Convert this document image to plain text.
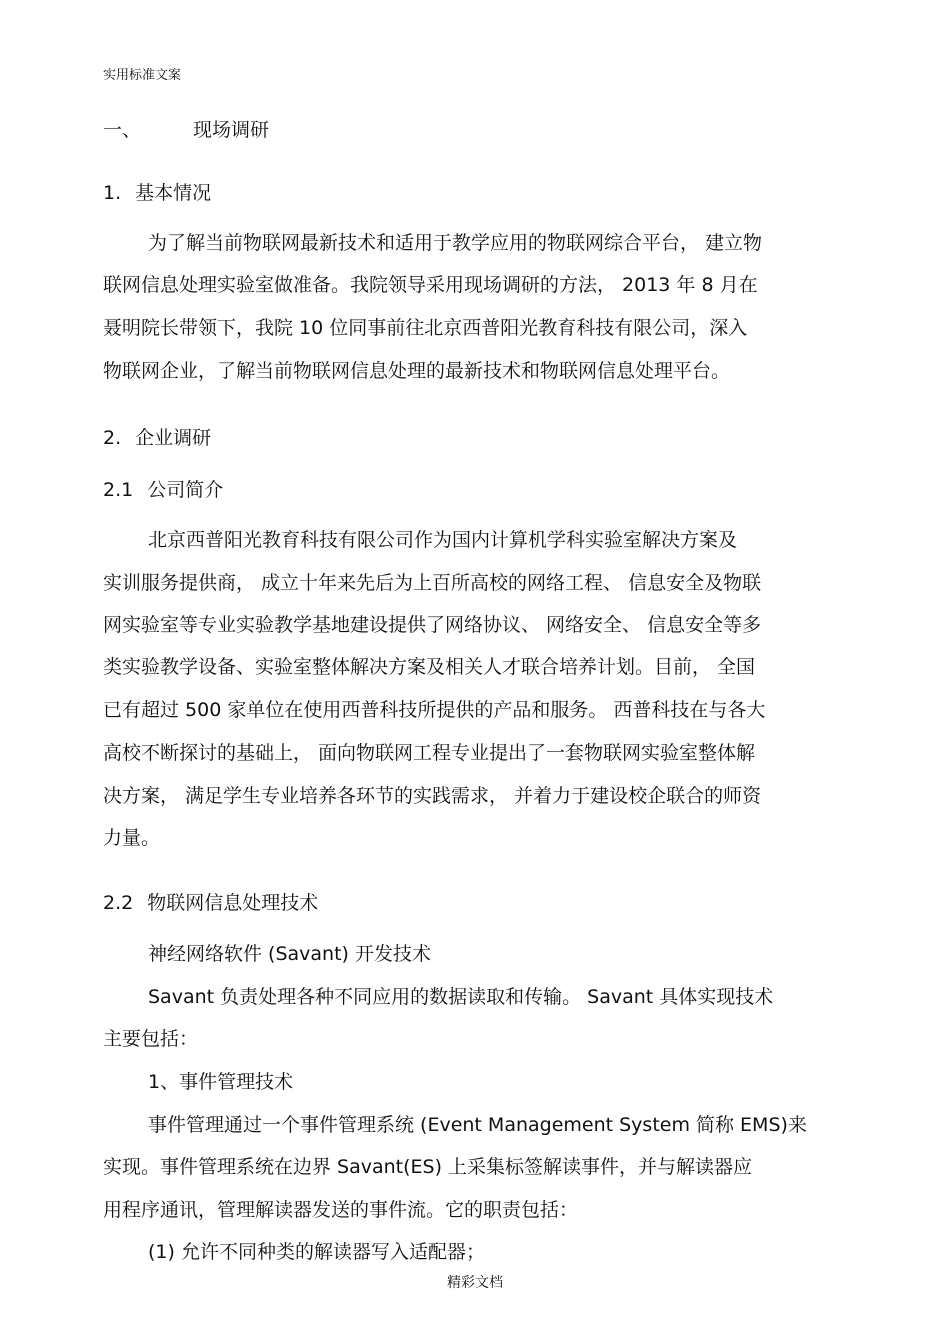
实用标准文案
一、	现场调研
1. 基本情况
为了解当前物联网最新技术和适用于教学应用的物联网综合平台， 建立物
联网信息处理实验室做准备。我院领导采用现场调研的方法， 2013 年 8 月在
聂明院长带领下，我院 10 位同事前往北京西普阳光教育科技有限公司，深入
物联网企业，了解当前物联网信息处理的最新技术和物联网信息处理平台。
2. 企业调研
2.1 公司简介
北京西普阳光教育科技有限公司作为国内计算机学科实验室解决方案及
实训服务提供商， 成立十年来先后为上百所高校的网络工程、 信息安全及物联
网实验室等专业实验教学基地建设提供了网络协议、 网络安全、 信息安全等多
类实验教学设备、实验室整体解决方案及相关人才联合培养计划。目前， 全国
已有超过 500 家单位在使用西普科技所提供的产品和服务。 西普科技在与各大
高校不断探讨的基础上， 面向物联网工程专业提出了一套物联网实验室整体解
决方案， 满足学生专业培养各环节的实践需求， 并着力于建设校企联合的师资
力量。
2.2 物联网信息处理技术
神经网络软件 (Savant) 开发技术
Savant 负责处理各种不同应用的数据读取和传输。 Savant 具体实现技术
主要包括：
1、事件管理技术
事件管理通过一个事件管理系统 (Event Management System 简称 EMS)来
实现。事件管理系统在边界 Savant(ES) 上采集标签解读事件，并与解读器应
用程序通讯，管理解读器发送的事件流。它的职责包括：
(1) 允许不同种类的解读器写入适配器；
精彩文档
